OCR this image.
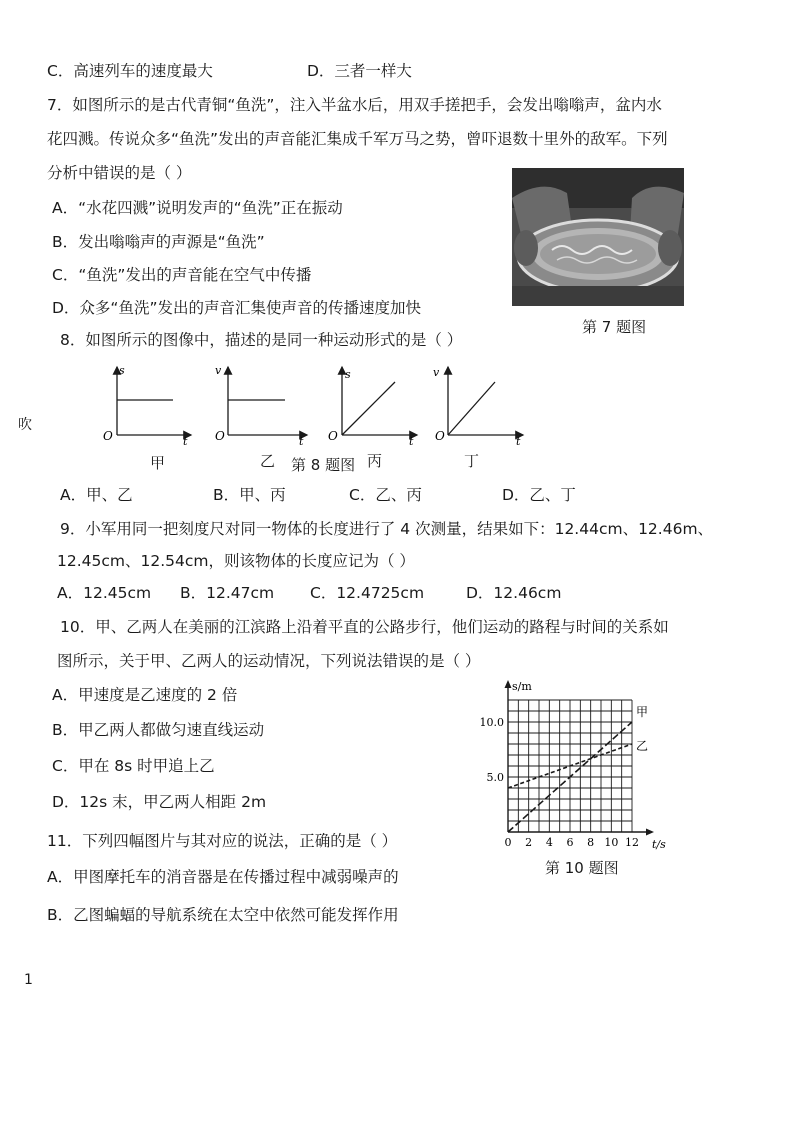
C．高速列车的速度最大	D．三者一样大
7．如图所示的是古代青铜“鱼洗”，注入半盆水后，用双手搓把手，会发出嗡嗡声，盆内水
花四溅。传说众多“鱼洗”发出的声音能汇集成千军万马之势，曾吓退数十里外的敌军。下列
分析中错误的是（ ）
A．“水花四溅”说明发声的“鱼洗”正在振动
B．发出嗡嗡声的声源是“鱼洗”
C．“鱼洗”发出的声音能在空气中传播
D．众多“鱼洗”发出的声音汇集使声音的传播速度加快
第 7 题图
8．如图所示的图像中，描述的是同一种运动形式的是（ ）
吹
s
t
O
v
t
O
s
t
O
v
t
O
甲	乙 第 8 题图 丙	丁
A．甲、乙	B．甲、丙	C．乙、丙	D．乙、丁
9．小军用同一把刻度尺对同一物体的长度进行了 4 次测量，结果如下：12.44cm、12.46m、
12.45cm、12.54cm，则该物体的长度应记为（ ）
A．12.45cm B．12.47cm C．12.4725cm	D．12.46cm
10．甲、乙两人在美丽的江滨路上沿着平直的公路步行，他们运动的路程与时间的关系如
图所示，关于甲、乙两人的运动情况，下列说法错误的是（ ）
A．甲速度是乙速度的 2 倍
B．甲乙两人都做匀速直线运动
C．甲在 8s 时甲追上乙
D．12s 末，甲乙两人相距 2m
甲
乙
0 2 4 6 8 10 12
5.0
10.0
s/m
t/s
第 10 题图
11．下列四幅图片与其对应的说法，正确的是（ ）
A．甲图摩托车的消音器是在传播过程中减弱噪声的
B．乙图蝙蝠的导航系统在太空中依然可能发挥作用
1
